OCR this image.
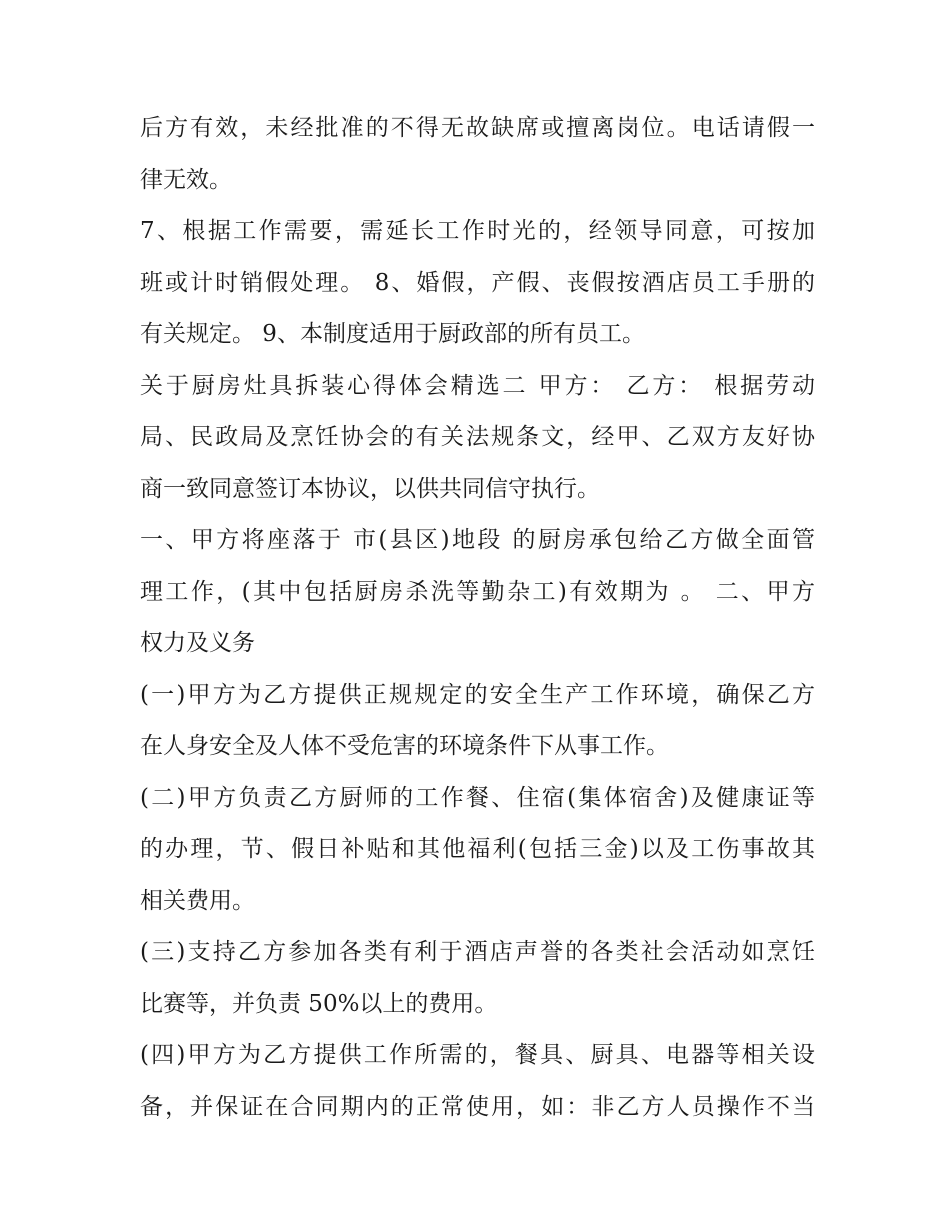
后方有效，未经批准的不得无故缺席或擅离岗位。电话请假一
律无效。
7、根据工作需要，需延长工作时光的，经领导同意，可按加
班或计时销假处理。 8、婚假，产假、丧假按酒店员工手册的
有关规定。 9、本制度适用于厨政部的所有员工。
关于厨房灶具拆装心得体会精选二 甲方： 乙方： 根据劳动
局、民政局及烹饪协会的有关法规条文，经甲、乙双方友好协
商一致同意签订本协议，以供共同信守执行。
一、甲方将座落于 市(县区)地段 的厨房承包给乙方做全面管
理工作，(其中包括厨房杀洗等勤杂工)有效期为 。 二、甲方
权力及义务
(一)甲方为乙方提供正规规定的安全生产工作环境，确保乙方
在人身安全及人体不受危害的环境条件下从事工作。
(二)甲方负责乙方厨师的工作餐、住宿(集体宿舍)及健康证等
的办理，节、假日补贴和其他福利(包括三金)以及工伤事故其
相关费用。
(三)支持乙方参加各类有利于酒店声誉的各类社会活动如烹饪
比赛等，并负责 50%以上的费用。
(四)甲方为乙方提供工作所需的，餐具、厨具、电器等相关设
备，并保证在合同期内的正常使用，如：非乙方人员操作不当
